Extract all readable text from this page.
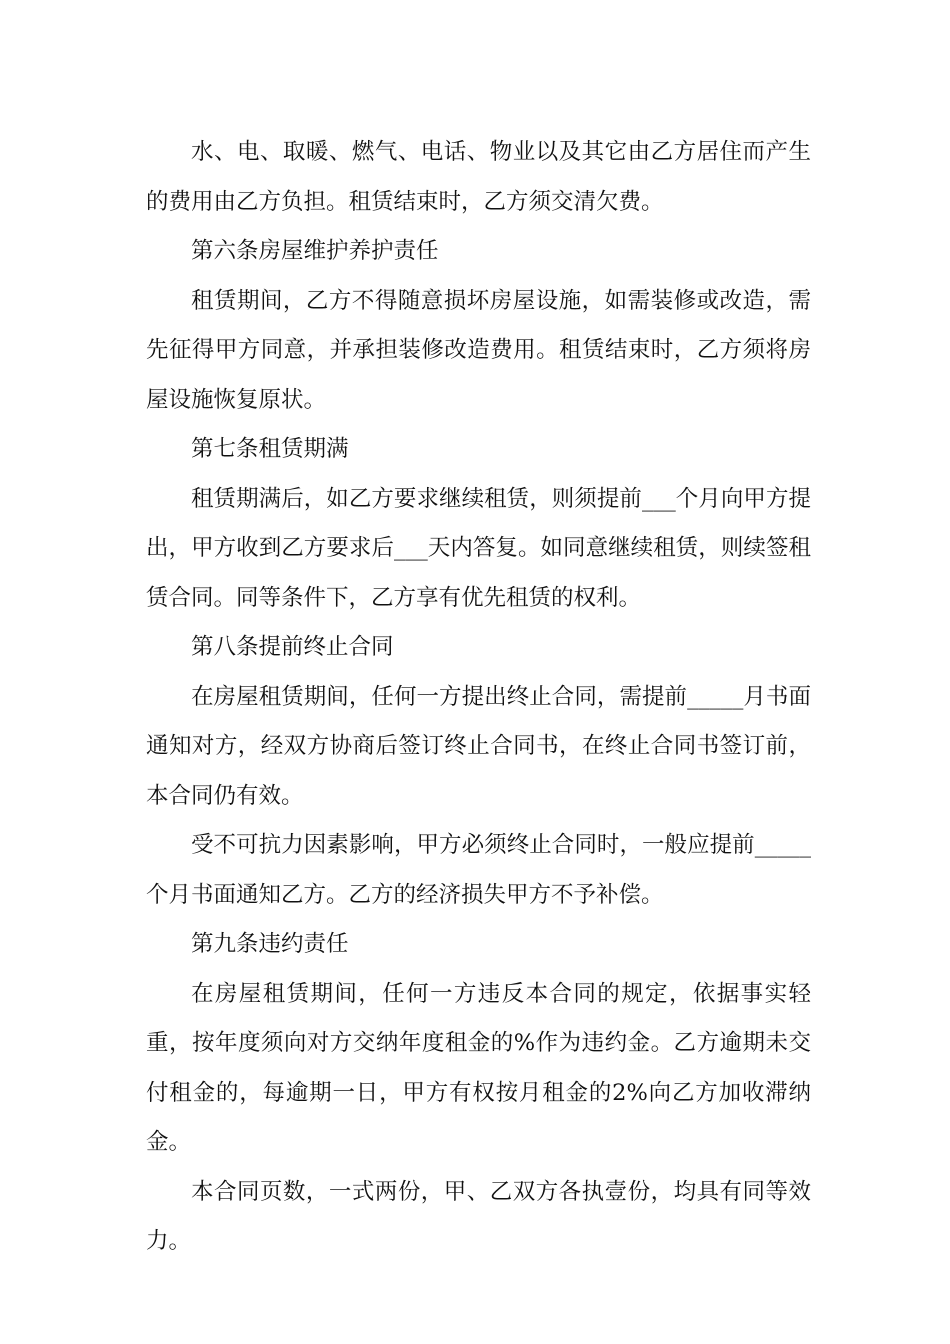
水、电、取暖、燃气、电话、物业以及其它由乙方居住而产生的费用由乙方负担。租赁结束时，乙方须交清欠费。

第六条房屋维护养护责任

租赁期间，乙方不得随意损坏房屋设施，如需装修或改造，需先征得甲方同意，并承担装修改造费用。租赁结束时，乙方须将房屋设施恢复原状。

第七条租赁期满

租赁期满后，如乙方要求继续租赁，则须提前___个月向甲方提出，甲方收到乙方要求后___天内答复。如同意继续租赁，则续签租赁合同。同等条件下，乙方享有优先租赁的权利。

第八条提前终止合同

在房屋租赁期间，任何一方提出终止合同，需提前_____月书面通知对方，经双方协商后签订终止合同书，在终止合同书签订前，本合同仍有效。

受不可抗力因素影响，甲方必须终止合同时，一般应提前_____个月书面通知乙方。乙方的经济损失甲方不予补偿。

第九条违约责任

在房屋租赁期间，任何一方违反本合同的规定，依据事实轻重，按年度须向对方交纳年度租金的%作为违约金。乙方逾期未交付租金的，每逾期一日，甲方有权按月租金的2%向乙方加收滞纳金。

本合同页数，一式两份，甲、乙双方各执壹份，均具有同等效力。
